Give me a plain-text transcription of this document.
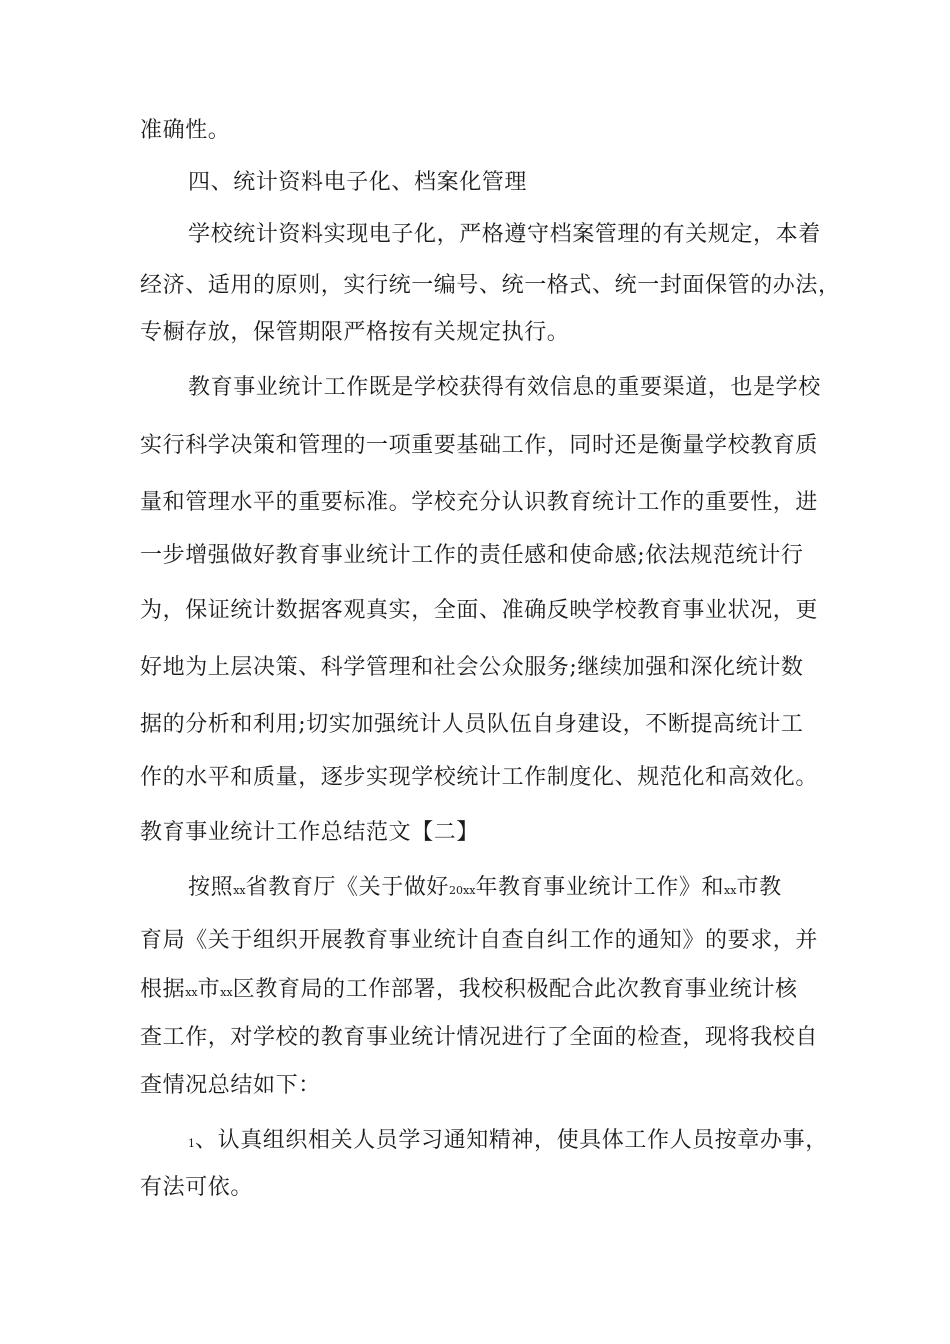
准确性。
四、统计资料电子化、档案化管理
学校统计资料实现电子化，严格遵守档案管理的有关规定，本着
经济、适用的原则，实行统一编号、统一格式、统一封面保管的办法，
专橱存放，保管期限严格按有关规定执行。
教育事业统计工作既是学校获得有效信息的重要渠道，也是学校
实行科学决策和管理的一项重要基础工作，同时还是衡量学校教育质
量和管理水平的重要标准。学校充分认识教育统计工作的重要性，进
一步增强做好教育事业统计工作的责任感和使命感;依法规范统计行
为，保证统计数据客观真实，全面、准确反映学校教育事业状况，更
好地为上层决策、科学管理和社会公众服务;继续加强和深化统计数
据的分析和利用;切实加强统计人员队伍自身建设，不断提高统计工
作的水平和质量，逐步实现学校统计工作制度化、规范化和高效化。
教育事业统计工作总结范文【二】
按照xx省教育厅《关于做好20xx年教育事业统计工作》和xx市教
育局《关于组织开展教育事业统计自查自纠工作的通知》的要求，并
根据xx市xx区教育局的工作部署，我校积极配合此次教育事业统计核
查工作，对学校的教育事业统计情况进行了全面的检查，现将我校自
查情况总结如下：
1、认真组织相关人员学习通知精神，使具体工作人员按章办事，
有法可依。
